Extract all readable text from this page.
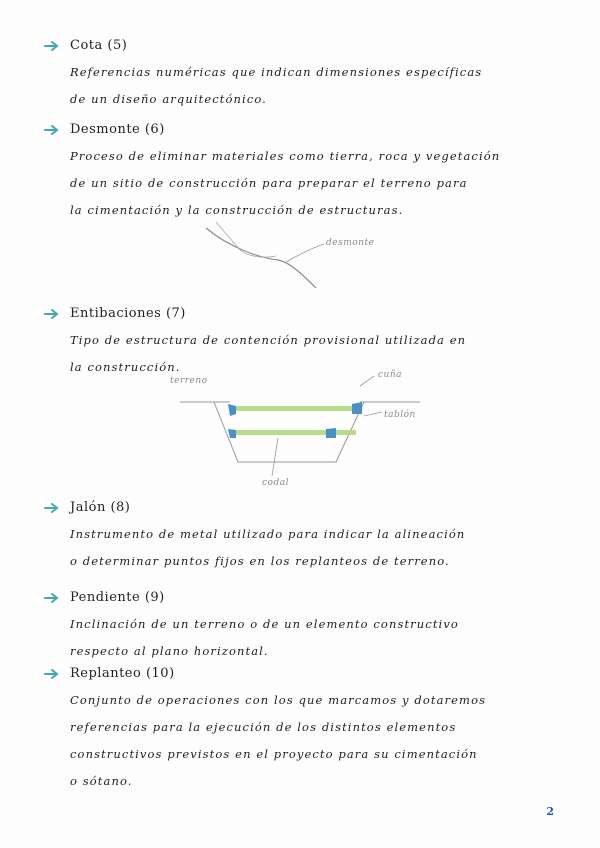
Cota (5)
Referencias numéricas que indican dimensiones específicas
de un diseño arquitectónico.
Desmonte (6)
Proceso de eliminar materiales como tierra, roca y vegetación
de un sitio de construcción para preparar el terreno para
la cimentación y la construcción de estructuras.
desmonte
Entibaciones (7)
Tipo de estructura de contención provisional utilizada en
la construcción.
terreno
cuña
tablón
codal
Jalón (8)
Instrumento de metal utilizado para indicar la alineación
o determinar puntos fijos en los replanteos de terreno.
Pendiente (9)
Inclinación de un terreno o de un elemento constructivo
respecto al plano horizontal.
Replanteo (10)
Conjunto de operaciones con los que marcamos y dotaremos
referencias para la ejecución de los distintos elementos
constructivos previstos en el proyecto para su cimentación
o sótano.
2
